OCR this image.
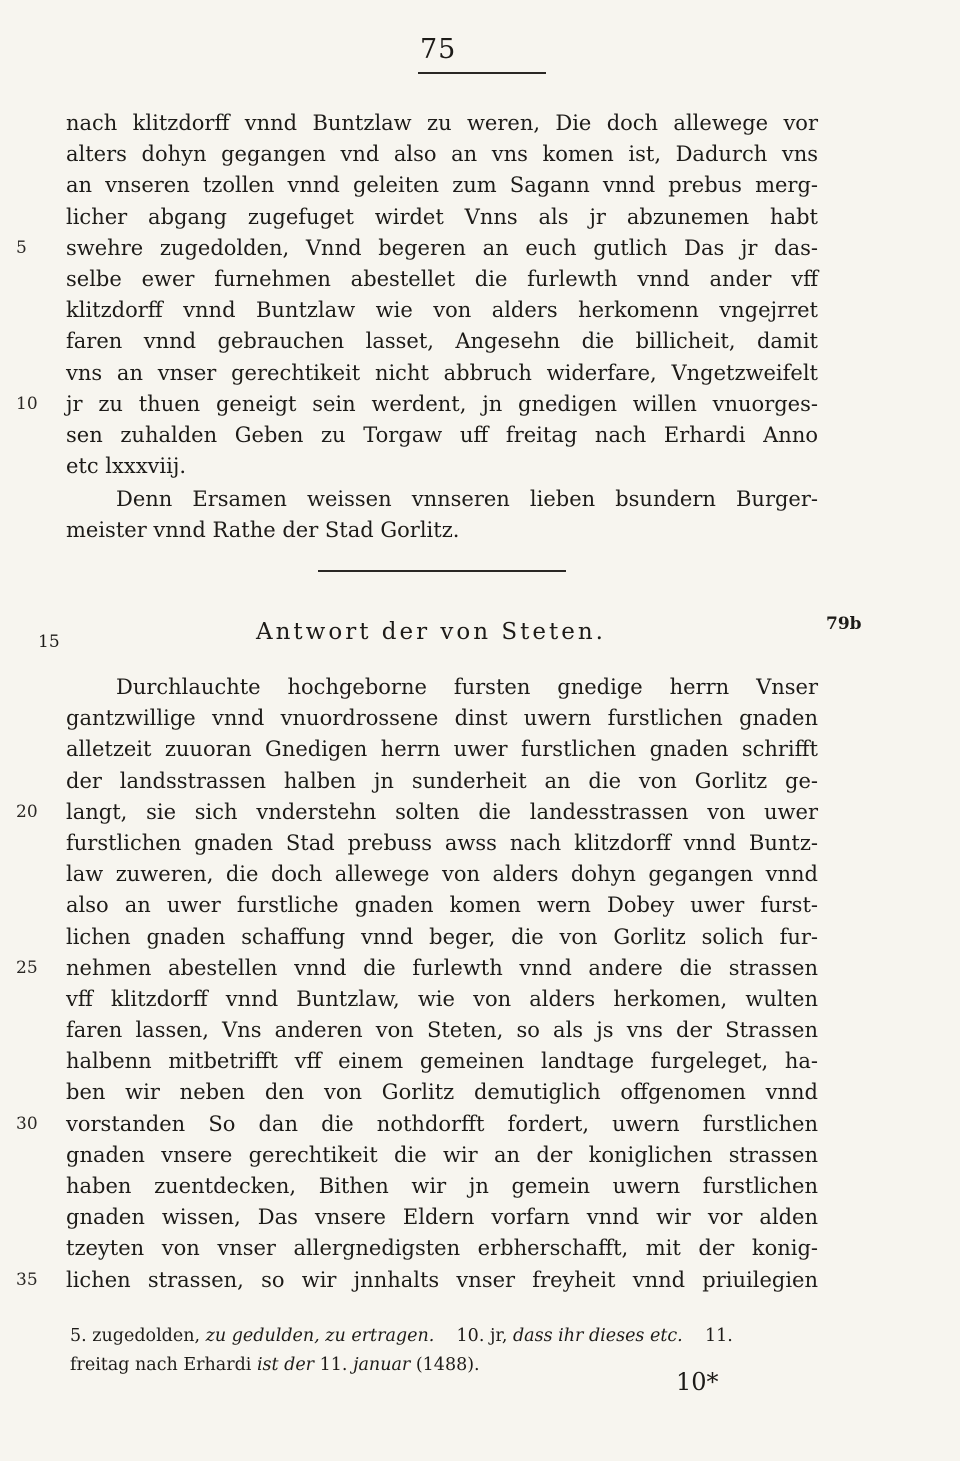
75
nach klitzdorff vnnd Buntzlaw zu weren, Die doch allewege vor
alters dohyn gegangen vnd also an vns komen ist, Dadurch vns
an vnseren tzollen vnnd geleiten zum Sagann vnnd prebus merg-
licher abgang zugefuget wirdet Vnns als jr abzunemen habt
5	swehre zugedolden, Vnnd begeren an euch gutlich Das jr das-
selbe ewer furnehmen abestellet die furlewth vnnd ander vff
klitzdorff vnnd Buntzlaw wie von alders herkomenn vngejrret
faren vnnd gebrauchen lasset, Angesehn die billicheit, damit
vns an vnser gerechtikeit nicht abbruch widerfare, Vngetzweifelt
10	jr zu thuen geneigt sein werdent, jn gnedigen willen vnuorges-
sen zuhalden Geben zu Torgaw uff freitag nach Erhardi Anno
etc lxxxviij.
Denn Ersamen weissen vnnseren lieben bsundern Burger-
meister vnnd Rathe der Stad Gorlitz.
15	Antwort der von Steten.	79b
Durchlauchte hochgeborne fursten gnedige herrn Vnser
gantzwillige vnnd vnuordrossene dinst uwern furstlichen gnaden
alletzeit zuuoran Gnedigen herrn uwer furstlichen gnaden schrifft
der landsstrassen halben jn sunderheit an die von Gorlitz ge-
20	langt, sie sich vnderstehn solten die landesstrassen von uwer
furstlichen gnaden Stad prebuss awss nach klitzdorff vnnd Buntz-
law zuweren, die doch allewege von alders dohyn gegangen vnnd
also an uwer furstliche gnaden komen wern Dobey uwer furst-
lichen gnaden schaffung vnnd beger, die von Gorlitz solich fur-
25	nehmen abestellen vnnd die furlewth vnnd andere die strassen
vff klitzdorff vnnd Buntzlaw, wie von alders herkomen, wulten
faren lassen, Vns anderen von Steten, so als js vns der Strassen
halbenn mitbetrifft vff einem gemeinen landtage furgeleget, ha-
ben wir neben den von Gorlitz demutiglich offgenomen vnnd
30	vorstanden So dan die nothdorfft fordert, uwern furstlichen
gnaden vnsere gerechtikeit die wir an der koniglichen strassen
haben zuentdecken, Bithen wir jn gemein uwern furstlichen
gnaden wissen, Das vnsere Eldern vorfarn vnnd wir vor alden
tzeyten von vnser allergnedigsten erbherschafft, mit der konig-
35	lichen strassen, so wir jnnhalts vnser freyheit vnnd priuilegien
5. zugedolden, zu gedulden, zu ertragen. 10. jr, dass ihr dieses etc. 11.
freitag nach Erhardi ist der 11. januar (1488).
10*
